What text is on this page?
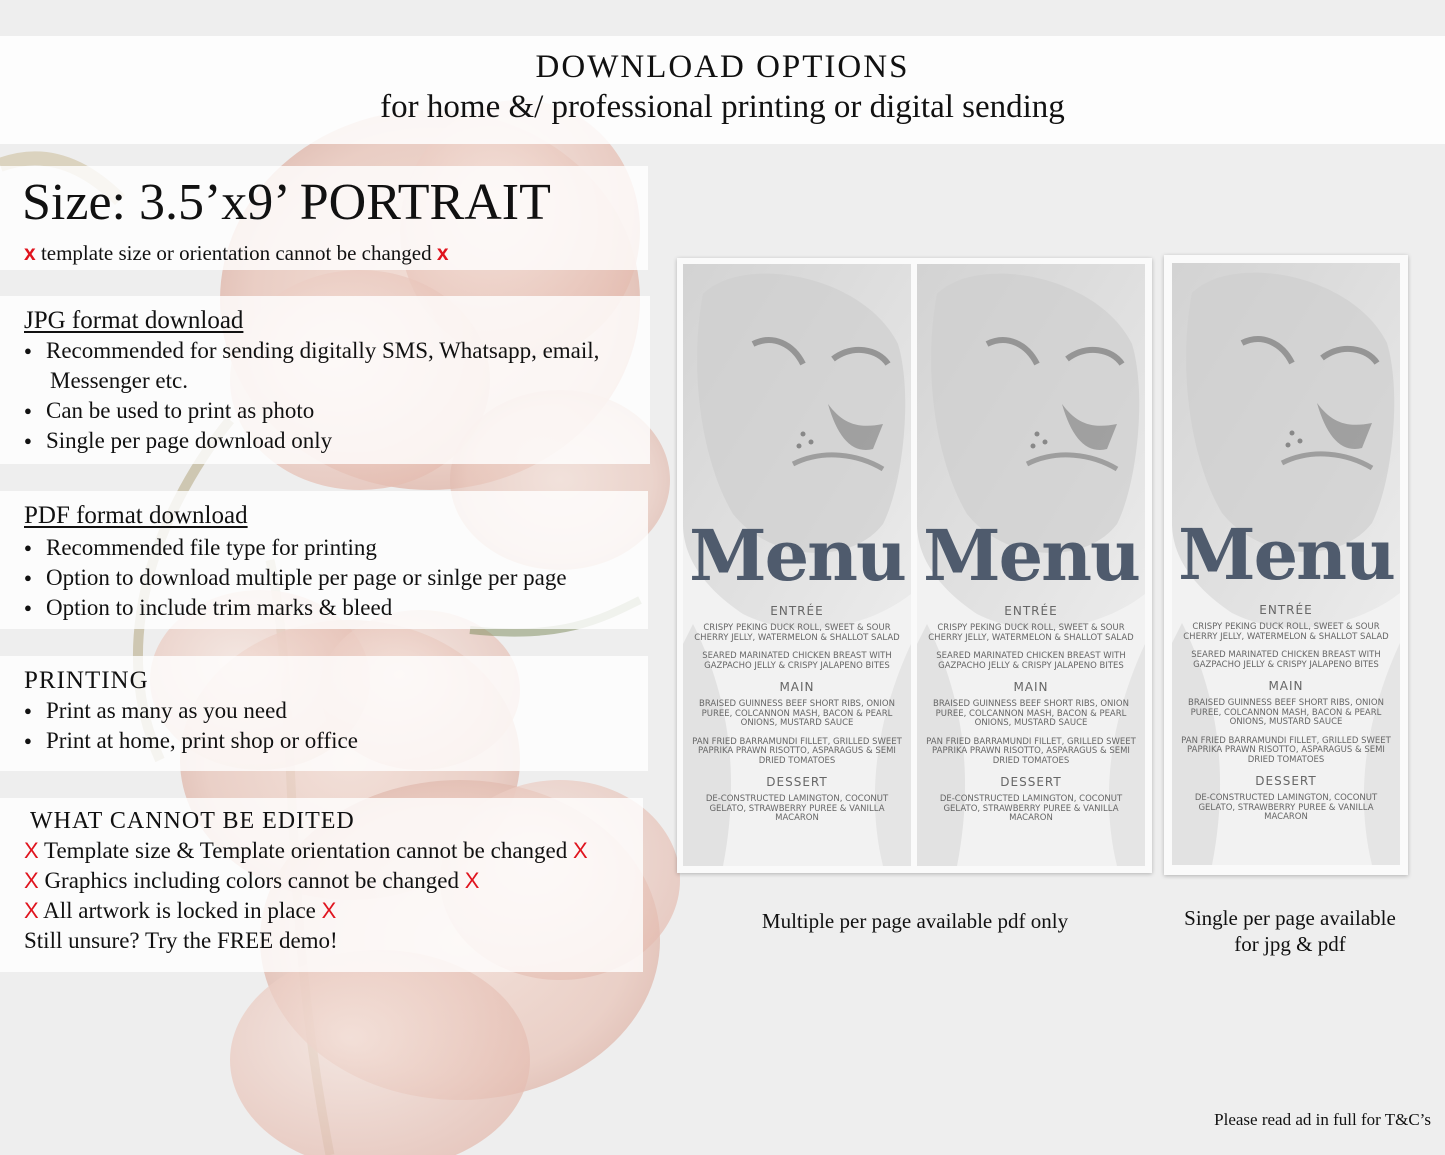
DOWNLOAD OPTIONS
for home &/ professional printing or digital sending
Size: 3.5’x9’ PORTRAIT
x template size or orientation cannot be changed x
JPG format download
● Recommended for sending digitally SMS, Whatsapp, email,
Messenger etc.
● Can be used to print as photo
● Single per page download only
PDF format download
● Recommended file type for printing
● Option to download multiple per page or sinlge per page
● Option to include trim marks & bleed
PRINTING
● Print as many as you need
● Print at home, print shop or office
WHAT CANNOT BE EDITED
X Template size & Template orientation cannot be changed X
X Graphics including colors cannot be changed X
X All artwork is locked in place X
Still unsure? Try the FREE demo!
Menu
ENTRÉE
CRISPY PEKING DUCK ROLL, SWEET & SOUR CHERRY JELLY, WATERMELON & SHALLOT SALAD
SEARED MARINATED CHICKEN BREAST WITH GAZPACHO JELLY & CRISPY JALAPENO BITES
MAIN
BRAISED GUINNESS BEEF SHORT RIBS, ONION PUREE, COLCANNON MASH, BACON & PEARL ONIONS, MUSTARD SAUCE
PAN FRIED BARRAMUNDI FILLET, GRILLED SWEET PAPRIKA PRAWN RISOTTO, ASPARAGUS & SEMI DRIED TOMATOES
DESSERT
DE-CONSTRUCTED LAMINGTON, COCONUT GELATO, STRAWBERRY PUREE & VANILLA MACARON
Menu
ENTRÉE
CRISPY PEKING DUCK ROLL, SWEET & SOUR CHERRY JELLY, WATERMELON & SHALLOT SALAD
SEARED MARINATED CHICKEN BREAST WITH GAZPACHO JELLY & CRISPY JALAPENO BITES
MAIN
BRAISED GUINNESS BEEF SHORT RIBS, ONION PUREE, COLCANNON MASH, BACON & PEARL ONIONS, MUSTARD SAUCE
PAN FRIED BARRAMUNDI FILLET, GRILLED SWEET PAPRIKA PRAWN RISOTTO, ASPARAGUS & SEMI DRIED TOMATOES
DESSERT
DE-CONSTRUCTED LAMINGTON, COCONUT GELATO, STRAWBERRY PUREE & VANILLA MACARON
Menu
ENTRÉE
CRISPY PEKING DUCK ROLL, SWEET & SOUR CHERRY JELLY, WATERMELON & SHALLOT SALAD
SEARED MARINATED CHICKEN BREAST WITH GAZPACHO JELLY & CRISPY JALAPENO BITES
MAIN
BRAISED GUINNESS BEEF SHORT RIBS, ONION PUREE, COLCANNON MASH, BACON & PEARL ONIONS, MUSTARD SAUCE
PAN FRIED BARRAMUNDI FILLET, GRILLED SWEET PAPRIKA PRAWN RISOTTO, ASPARAGUS & SEMI DRIED TOMATOES
DESSERT
DE-CONSTRUCTED LAMINGTON, COCONUT GELATO, STRAWBERRY PUREE & VANILLA MACARON
Multiple per page available pdf only	Single per page available
for jpg & pdf
Please read ad in full for T&C’s
